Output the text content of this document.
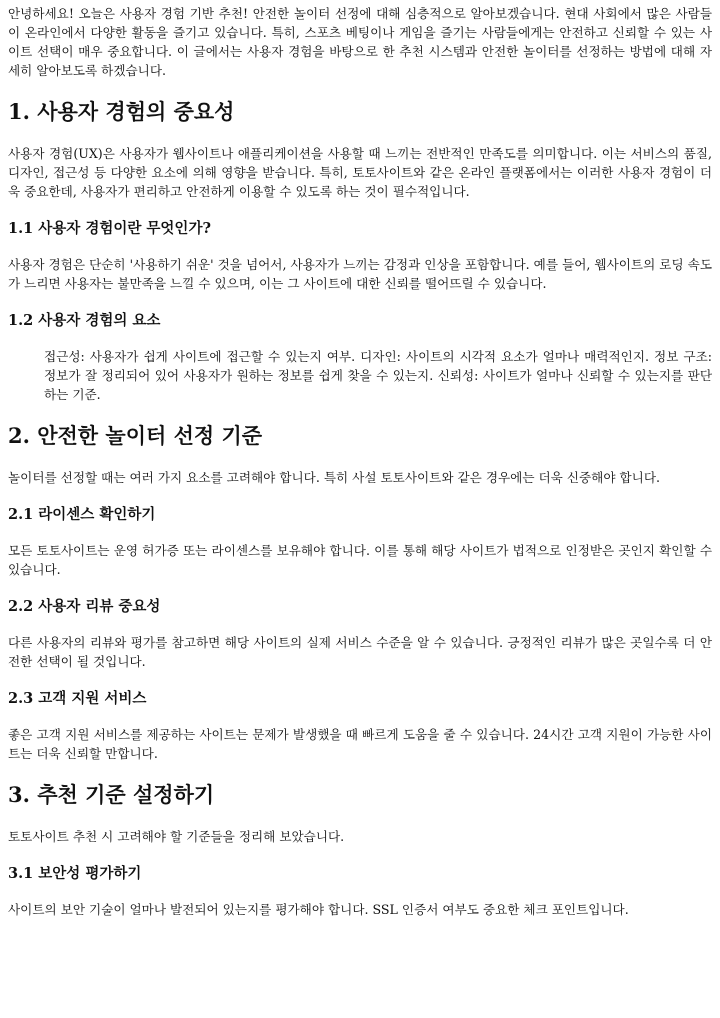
안녕하세요! 오늘은 사용자 경험 기반 추천! 안전한 놀이터 선정에 대해 심층적으로 알아보겠습니다. 현대 사회에서 많은 사람들이 온라인에서 다양한 활동을 즐기고 있습니다. 특히, 스포츠 베팅이나 게임을 즐기는 사람들에게는 안전하고 신뢰할 수 있는 사이트 선택이 매우 중요합니다. 이 글에서는 사용자 경험을 바탕으로 한 추천 시스템과 안전한 놀이터를 선정하는 방법에 대해 자세히 알아보도록 하겠습니다.

1. 사용자 경험의 중요성

사용자 경험(UX)은 사용자가 웹사이트나 애플리케이션을 사용할 때 느끼는 전반적인 만족도를 의미합니다. 이는 서비스의 품질, 디자인, 접근성 등 다양한 요소에 의해 영향을 받습니다. 특히, 토토사이트와 같은 온라인 플랫폼에서는 이러한 사용자 경험이 더욱 중요한데, 사용자가 편리하고 안전하게 이용할 수 있도록 하는 것이 필수적입니다.

1.1 사용자 경험이란 무엇인가?

사용자 경험은 단순히 '사용하기 쉬운' 것을 넘어서, 사용자가 느끼는 감정과 인상을 포함합니다. 예를 들어, 웹사이트의 로딩 속도가 느리면 사용자는 불만족을 느낄 수 있으며, 이는 그 사이트에 대한 신뢰를 떨어뜨릴 수 있습니다.

1.2 사용자 경험의 요소

접근성: 사용자가 쉽게 사이트에 접근할 수 있는지 여부. 디자인: 사이트의 시각적 요소가 얼마나 매력적인지. 정보 구조: 정보가 잘 정리되어 있어 사용자가 원하는 정보를 쉽게 찾을 수 있는지. 신뢰성: 사이트가 얼마나 신뢰할 수 있는지를 판단하는 기준.

2. 안전한 놀이터 선정 기준

놀이터를 선정할 때는 여러 가지 요소를 고려해야 합니다. 특히 사설 토토사이트와 같은 경우에는 더욱 신중해야 합니다.

2.1 라이센스 확인하기

모든 토토사이트는 운영 허가증 또는 라이센스를 보유해야 합니다. 이를 통해 해당 사이트가 법적으로 인정받은 곳인지 확인할 수 있습니다.

2.2 사용자 리뷰 중요성

다른 사용자의 리뷰와 평가를 참고하면 해당 사이트의 실제 서비스 수준을 알 수 있습니다. 긍정적인 리뷰가 많은 곳일수록 더 안전한 선택이 될 것입니다.

2.3 고객 지원 서비스

좋은 고객 지원 서비스를 제공하는 사이트는 문제가 발생했을 때 빠르게 도움을 줄 수 있습니다. 24시간 고객 지원이 가능한 사이트는 더욱 신뢰할 만합니다.

3. 추천 기준 설정하기

토토사이트 추천 시 고려해야 할 기준들을 정리해 보았습니다.

3.1 보안성 평가하기

사이트의 보안 기술이 얼마나 발전되어 있는지를 평가해야 합니다. SSL 인증서 여부도 중요한 체크 포인트입니다.
